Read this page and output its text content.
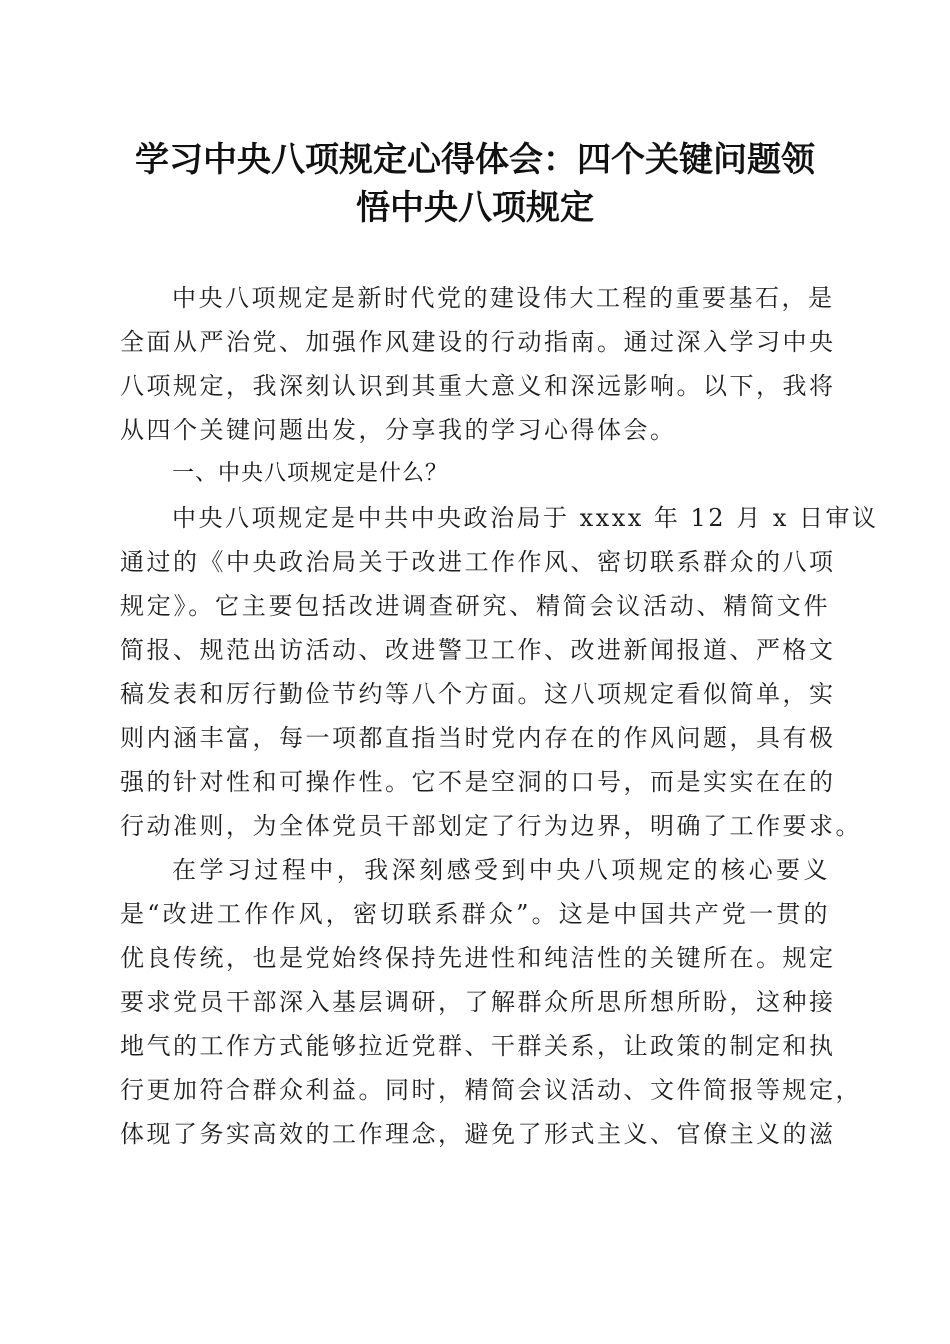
学习中央八项规定心得体会：四个关键问题领
悟中央八项规定
中央八项规定是新时代党的建设伟大工程的重要基石，是
全面从严治党、加强作风建设的行动指南。通过深入学习中央
八项规定，我深刻认识到其重大意义和深远影响。以下，我将
从四个关键问题出发，分享我的学习心得体会。
一、中央八项规定是什么？
中央八项规定是中共中央政治局于 xxxx 年 12 月 x 日审议
通过的《中央政治局关于改进工作作风、密切联系群众的八项
规定》。它主要包括改进调查研究、精简会议活动、精简文件
简报、规范出访活动、改进警卫工作、改进新闻报道、严格文
稿发表和厉行勤俭节约等八个方面。这八项规定看似简单，实
则内涵丰富，每一项都直指当时党内存在的作风问题，具有极
强的针对性和可操作性。它不是空洞的口号，而是实实在在的
行动准则，为全体党员干部划定了行为边界，明确了工作要求。
在学习过程中，我深刻感受到中央八项规定的核心要义
是“改进工作作风，密切联系群众”。这是中国共产党一贯的
优良传统，也是党始终保持先进性和纯洁性的关键所在。规定
要求党员干部深入基层调研，了解群众所思所想所盼，这种接
地气的工作方式能够拉近党群、干群关系，让政策的制定和执
行更加符合群众利益。同时，精简会议活动、文件简报等规定，
体现了务实高效的工作理念，避免了形式主义、官僚主义的滋
